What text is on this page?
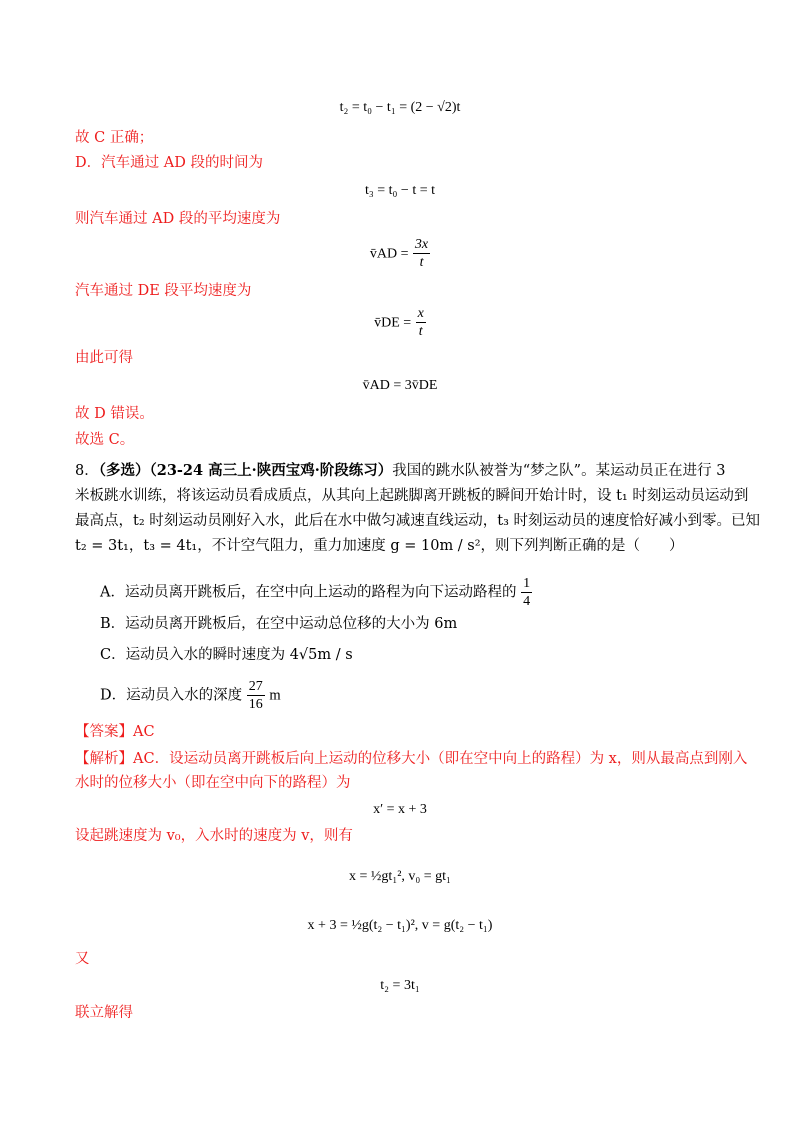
t₂ = t₀ − t₁ = (2 − √2)t
故 C 正确；
D．汽车通过 AD 段的时间为
t₃ = t₀ − t = t
则汽车通过 AD 段的平均速度为
v̄AD = $\frac{3x}{t}$
汽车通过 DE 段平均速度为
v̄DE = $\frac{x}{t}$
由此可得
v̄AD = 3v̄DE
故 D 错误。
故选 C。
8．（多选）（23-24 高三上·陕西宝鸡·阶段练习）我国的跳水队被誉为“梦之队”。某运动员正在进行 3
米板跳水训练，将该运动员看成质点，从其向上起跳脚离开跳板的瞬间开始计时，设 t₁ 时刻运动员运动到
最高点，t₂ 时刻运动员刚好入水，此后在水中做匀减速直线运动，t₃ 时刻运动员的速度恰好减小到零。已知
t₂ = 3t₁，t₃ = 4t₁，不计空气阻力，重力加速度 g = 10m / s²，则下列判断正确的是（　　）
A．运动员离开跳板后，在空中向上运动的路程为向下运动路程的 $\frac{1}{4}$
B．运动员离开跳板后，在空中运动总位移的大小为 6m
C．运动员入水的瞬时速度为 4√5m / s
D．运动员入水的深度 $\frac{27}{16}$ m
【答案】AC
【解析】AC．设运动员离开跳板后向上运动的位移大小（即在空中向上的路程）为 x，则从最高点到刚入
水时的位移大小（即在空中向下的路程）为
x′ = x + 3
设起跳速度为 v₀，入水时的速度为 v，则有
x = ½gt₁², v₀ = gt₁
x + 3 = ½g(t₂ − t₁)², v = g(t₂ − t₁)
又
t₂ = 3t₁
联立解得
